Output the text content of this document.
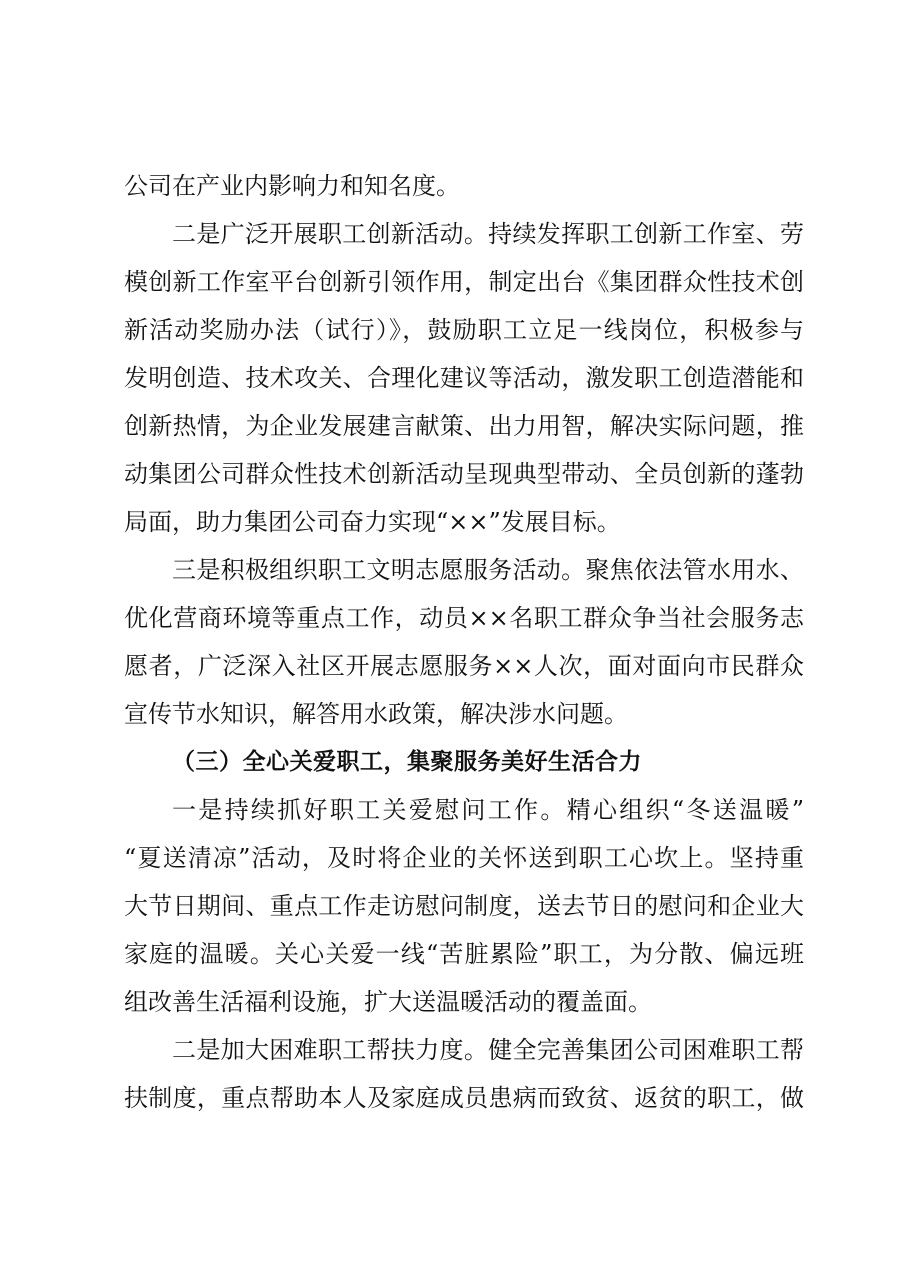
公司在产业内影响力和知名度。
二是广泛开展职工创新活动。持续发挥职工创新工作室、劳
模创新工作室平台创新引领作用，制定出台《集团群众性技术创
新活动奖励办法（试行）》，鼓励职工立足一线岗位，积极参与
发明创造、技术攻关、合理化建议等活动，激发职工创造潜能和
创新热情，为企业发展建言献策、出力用智，解决实际问题，推
动集团公司群众性技术创新活动呈现典型带动、全员创新的蓬勃
局面，助力集团公司奋力实现“××”发展目标。
三是积极组织职工文明志愿服务活动。聚焦依法管水用水、
优化营商环境等重点工作，动员××名职工群众争当社会服务志
愿者，广泛深入社区开展志愿服务××人次，面对面向市民群众
宣传节水知识，解答用水政策，解决涉水问题。
（三）全心关爱职工，集聚服务美好生活合力
一是持续抓好职工关爱慰问工作。精心组织“冬送温暖”
“夏送清凉”活动，及时将企业的关怀送到职工心坎上。坚持重
大节日期间、重点工作走访慰问制度，送去节日的慰问和企业大
家庭的温暖。关心关爱一线“苦脏累险”职工，为分散、偏远班
组改善生活福利设施，扩大送温暖活动的覆盖面。
二是加大困难职工帮扶力度。健全完善集团公司困难职工帮
扶制度，重点帮助本人及家庭成员患病而致贫、返贫的职工，做
